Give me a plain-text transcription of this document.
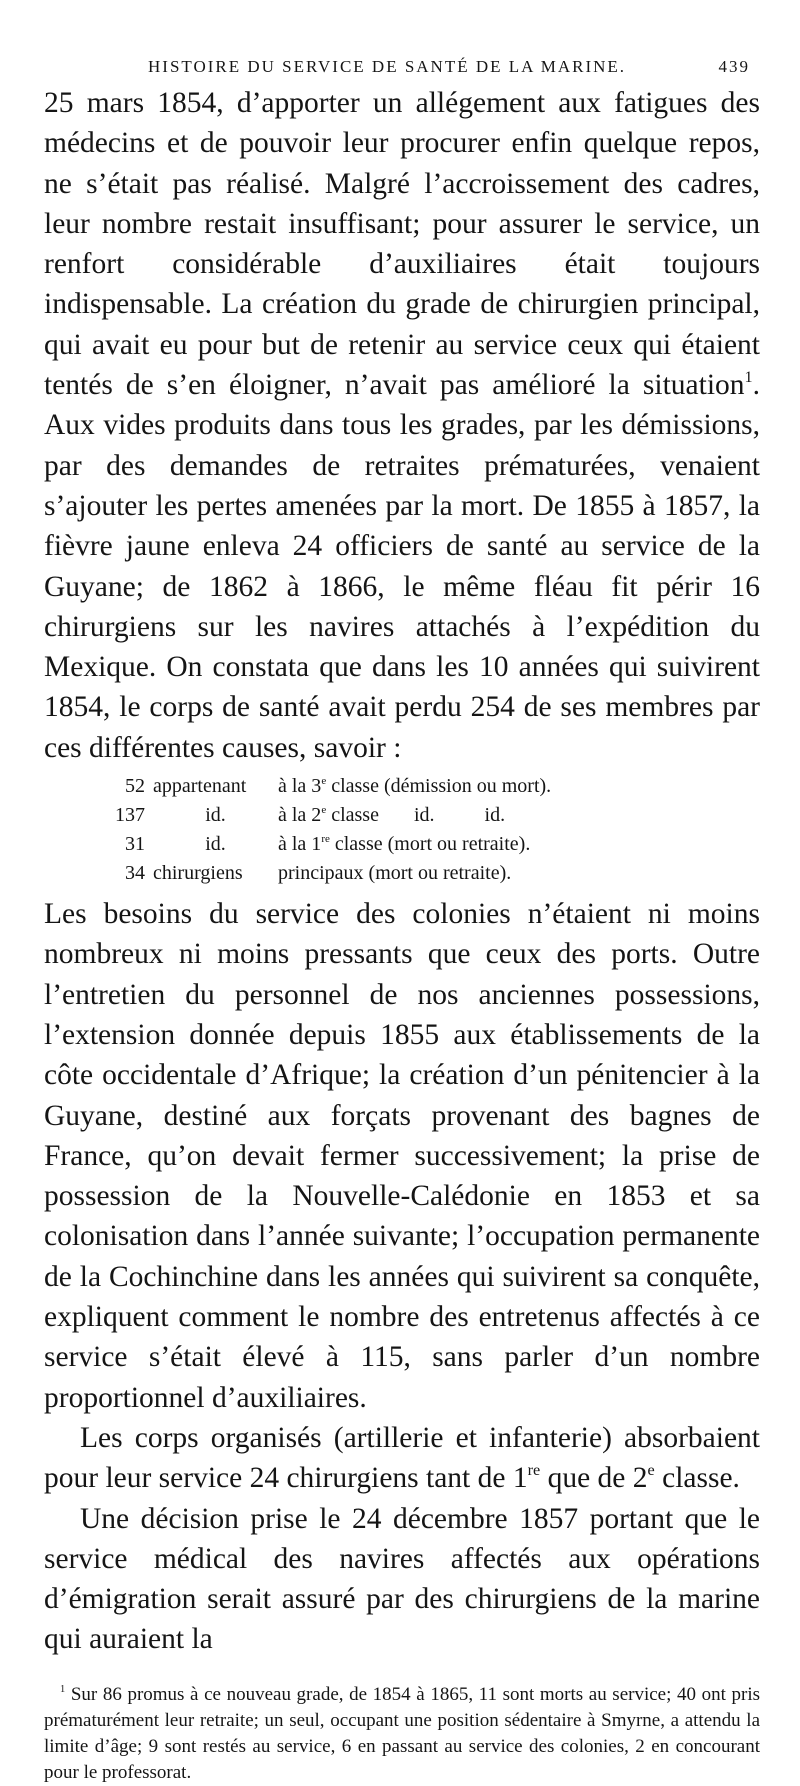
HISTOIRE DU SERVICE DE SANTÉ DE LA MARINE.	439

25 mars 1854, d’apporter un allégement aux fatigues des médecins et de pouvoir leur procurer enfin quelque repos, ne s’était pas réalisé. Malgré l’accroissement des cadres, leur nombre restait insuffisant; pour assurer le service, un renfort considérable d’auxiliaires était toujours indispensable. La création du grade de chirurgien principal, qui avait eu pour but de retenir au service ceux qui étaient tentés de s’en éloigner, n’avait pas amélioré la situation$^1$. Aux vides produits dans tous les grades, par les démissions, par des demandes de retraites prématurées, venaient s’ajouter les pertes amenées par la mort. De 1855 à 1857, la fièvre jaune enleva 24 officiers de santé au service de la Guyane; de 1862 à 1866, le même fléau fit périr 16 chirurgiens sur les navires attachés à l’expédition du Mexique. On constata que dans les 10 années qui suivirent 1854, le corps de santé avait perdu 254 de ses membres par ces différentes causes, savoir :

52 appartenant	à la 3e classe (démission ou mort).
137	id.	à la 2e classe       id.          id.
31	id.	à la 1re classe (mort ou retraite).
34 chirurgiens	principaux (mort ou retraite).

Les besoins du service des colonies n’étaient ni moins nombreux ni moins pressants que ceux des ports. Outre l’entretien du personnel de nos anciennes possessions, l’extension donnée depuis 1855 aux établissements de la côte occidentale d’Afrique; la création d’un pénitencier à la Guyane, destiné aux forçats provenant des bagnes de France, qu’on devait fermer successivement; la prise de possession de la Nouvelle-Calédonie en 1853 et sa colonisation dans l’année suivante; l’occupation permanente de la Cochinchine dans les années qui suivirent sa conquête, expliquent comment le nombre des entretenus affectés à ce service s’était élevé à 115, sans parler d’un nombre proportionnel d’auxiliaires.

Les corps organisés (artillerie et infanterie) absorbaient pour leur service 24 chirurgiens tant de 1re que de 2e classe.

Une décision prise le 24 décembre 1857 portant que le service médical des navires affectés aux opérations d’émigration serait assuré par des chirurgiens de la marine qui auraient la

$^1$ Sur 86 promus à ce nouveau grade, de 1854 à 1865, 11 sont morts au service; 40 ont pris prématurément leur retraite; un seul, occupant une position sédentaire à Smyrne, a attendu la limite d’âge; 9 sont restés au service, 6 en passant au service des colonies, 2 en concourant pour le professorat.
